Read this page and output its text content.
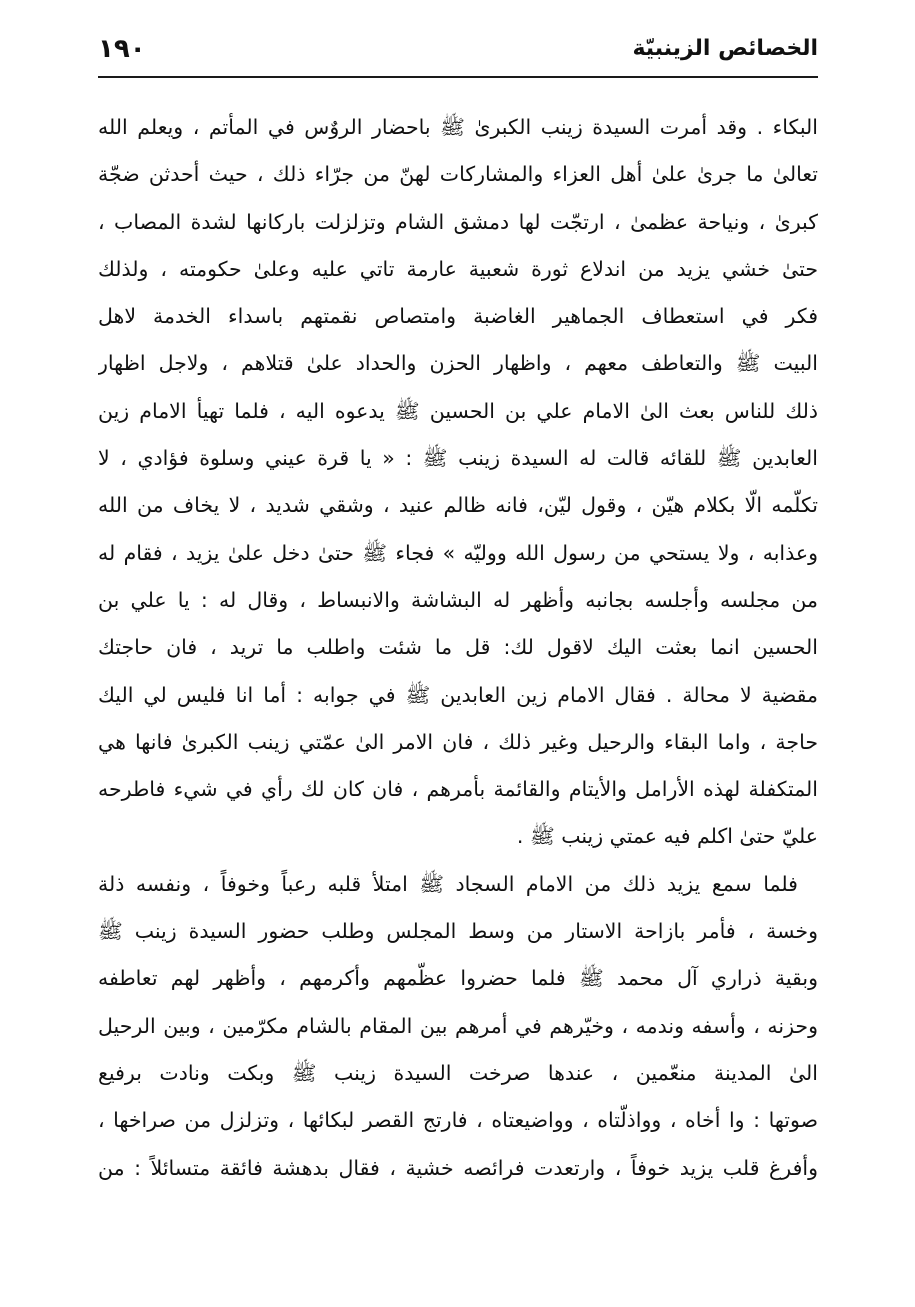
١٩٠	الخصائص الزينبيّة
البكاء . وقد أمرت السيدة زينب الكبرىٰ ﷺ باحضار الروٌس في المأتم ، ويعلم الله
تعالىٰ ما جرىٰ علىٰ أهل العزاء والمشاركات لهنّ من جرّاء ذلك ، حيث أحدثن ضجّة
كبرىٰ ، ونياحة عظمىٰ ، ارتجّت لها دمشق الشام وتزلزلت باركانها لشدة المصاب ،
حتىٰ خشي يزيد من اندلاع ثورة شعبية عارمة تاتي عليه وعلىٰ حكومته ، ولذلك
فكر في استعطاف الجماهير الغاضبة وامتصاص نقمتهم باسداء الخدمة لاهل
البيت ﷺ والتعاطف معهم ، واظهار الحزن والحداد علىٰ قتلاهم ، ولاجل اظهار
ذلك للناس بعث الىٰ الامام علي بن الحسين ﷺ يدعوه اليه ، فلما تهيأ الامام زين
العابدين ﷺ للقائه قالت له السيدة زينب ﷺ : « يا قرة عيني وسلوة فؤادي ، لا
تكلّمه الّا بكلام هيّن ، وقول ليّن، فانه ظالم عنيد ، وشقي شديد ، لا يخاف من الله
وعذابه ، ولا يستحي من رسول الله ووليّه » فجاء ﷺ حتىٰ دخل علىٰ يزيد ، فقام له
من مجلسه وأجلسه بجانبه وأظهر له البشاشة والانبساط ، وقال له : يا علي بن
الحسين انما بعثت اليك لاقول لك: قل ما شئت واطلب ما تريد ، فان حاجتك
مقضية لا محالة . فقال الامام زين العابدين ﷺ في جوابه : أما انا فليس لي اليك
حاجة ، واما البقاء والرحيل وغير ذلك ، فان الامر الىٰ عمّتي زينب الكبرىٰ فانها هي
المتكفلة لهذه الأرامل والأيتام والقائمة بأمرهم ، فان كان لك رأي في شيء فاطرحه
عليّ حتىٰ اكلم فيه عمتي زينب ﷺ .
فلما سمع يزيد ذلك من الامام السجاد ﷺ امتلأ قلبه رعباً وخوفاً ، ونفسه ذلة
وخسة ، فأمر بازاحة الاستار من وسط المجلس وطلب حضور السيدة زينب ﷺ
وبقية ذراري آل محمد ﷺ فلما حضروا عظّمهم وأكرمهم ، وأظهر لهم تعاطفه
وحزنه ، وأسفه وندمه ، وخيّرهم في أمرهم بين المقام بالشام مكرّمين ، وبين الرحيل
الىٰ المدينة منعّمين ، عندها صرخت السيدة زينب ﷺ وبكت ونادت برفيع
صوتها : وا أخاه ، وواذلّتاه ، وواضيعتاه ، فارتج القصر لبكائها ، وتزلزل من صراخها ،
وأفرغ قلب يزيد خوفاً ، وارتعدت فرائصه خشية ، فقال بدهشة فائقة متسائلاً : من
